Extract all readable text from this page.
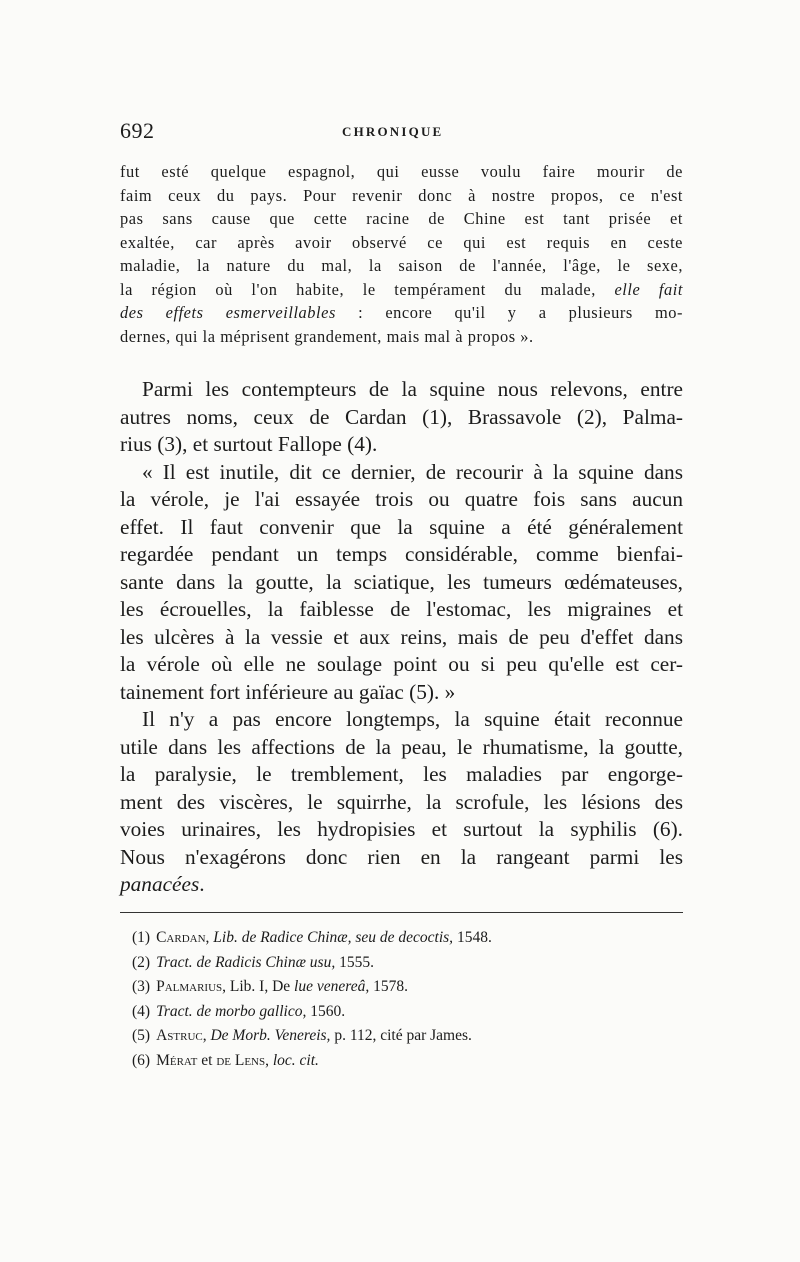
692	CHRONIQUE
fut esté quelque espagnol, qui eusse voulu faire mourir de
faim ceux du pays. Pour revenir donc à nostre propos, ce n'est
pas sans cause que cette racine de Chine est tant prisée et
exaltée, car après avoir observé ce qui est requis en ceste
maladie, la nature du mal, la saison de l'année, l'âge, le sexe,
la région où l'on habite, le tempérament du malade, elle fait
des effets esmerveillables : encore qu'il y a plusieurs mo-
dernes, qui la méprisent grandement, mais mal à propos ».
Parmi les contempteurs de la squine nous relevons, entre
autres noms, ceux de Cardan (1), Brassavole (2), Palma-
rius (3), et surtout Fallope (4).
« Il est inutile, dit ce dernier, de recourir à la squine dans
la vérole, je l'ai essayée trois ou quatre fois sans aucun
effet. Il faut convenir que la squine a été généralement
regardée pendant un temps considérable, comme bienfai-
sante dans la goutte, la sciatique, les tumeurs œdémateuses,
les écrouelles, la faiblesse de l'estomac, les migraines et
les ulcères à la vessie et aux reins, mais de peu d'effet dans
la vérole où elle ne soulage point ou si peu qu'elle est cer-
tainement fort inférieure au gaïac (5). »
Il n'y a pas encore longtemps, la squine était reconnue
utile dans les affections de la peau, le rhumatisme, la goutte,
la paralysie, le tremblement, les maladies par engorge-
ment des viscères, le squirrhe, la scrofule, les lésions des
voies urinaires, les hydropisies et surtout la syphilis (6).
Nous n'exagérons donc rien en la rangeant parmi les
panacées.
(1) Cardan, Lib. de Radice Chinæ, seu de decoctis, 1548.
(2) Tract. de Radicis Chinæ usu, 1555.
(3) Palmarius, Lib. I, De lue venereâ, 1578.
(4) Tract. de morbo gallico, 1560.
(5) Astruc, De Morb. Venereis, p. 112, cité par James.
(6) Mérat et de Lens, loc. cit.
